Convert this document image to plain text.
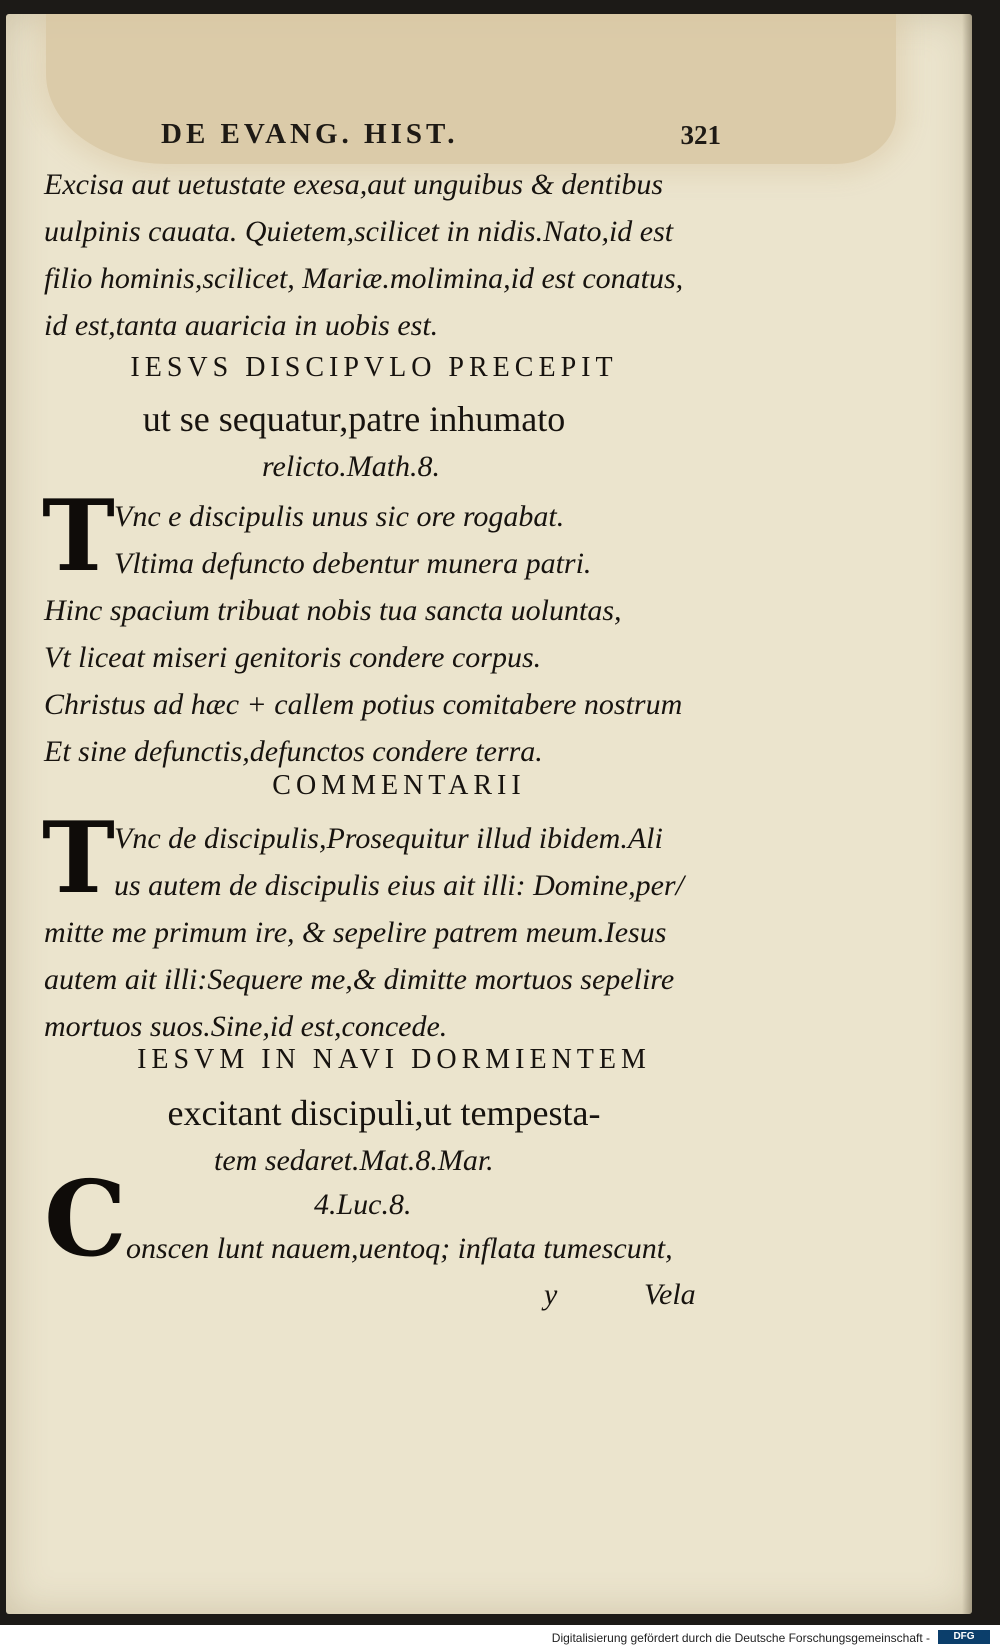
DE EVANG. HIST.	321
Excisa aut uetustate exesa,aut unguibus & dentibus
uulpinis cauata. Quietem,scilicet in nidis.Nato,id est
filio hominis,scilicet, Mariæ.molimina,id est conatus,
id est,tanta auaricia in uobis est.
IESVS DISCIPVLO PRECEPIT
ut se sequatur,patre inhumato
relicto.Math.8.
T Vnc e discipulis unus sic ore rogabat.
Vltima defuncto debentur munera patri.
Hinc spacium tribuat nobis tua sancta uoluntas,
Vt liceat miseri genitoris condere corpus.
Christus ad hæc + callem potius comitabere nostrum
Et sine defunctis,defunctos condere terra.
COMMENTARII
T Vnc de discipulis,Prosequitur illud ibidem.Ali
us autem de discipulis eius ait illi: Domine,per/
mitte me primum ire, & sepelire patrem meum.Iesus
autem ait illi:Sequere me,& dimitte mortuos sepelire
mortuos suos.Sine,id est,concede.
IESVM IN NAVI DORMIENTEM
excitant discipuli,ut tempesta-
tem sedaret.Mat.8.Mar.
4.Luc.8.
C onscen lunt nauem,uentoq; inflata tumescunt,
y	Vela
Digitalisierung gefördert durch die Deutsche Forschungsgemeinschaft -	DFG
